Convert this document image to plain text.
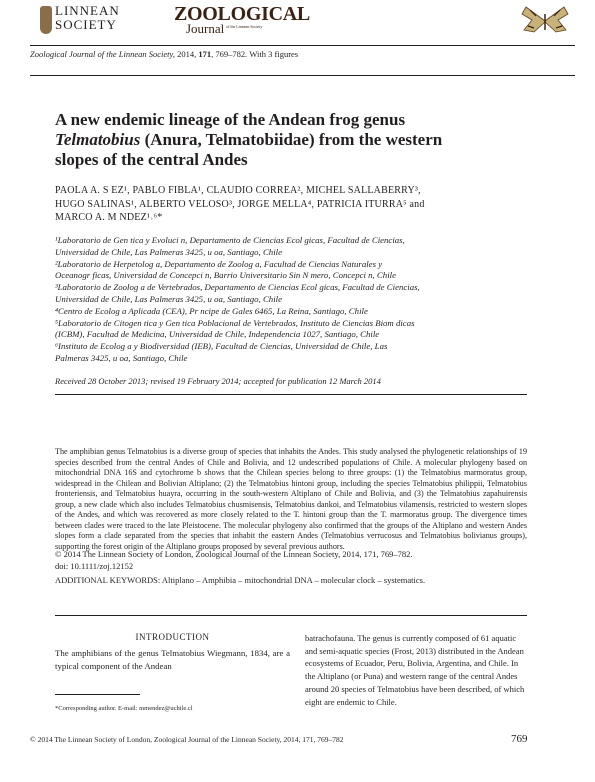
LINNEAN
SOCIETY	ZOOLOGICAL
Journal of the Linnean Society
Zoological Journal of the Linnean Society, 2014, 171, 769–782. With 3 figures
A new endemic lineage of the Andean frog genus
Telmatobius (Anura, Telmatobiidae) from the western
slopes of the central Andes
PAOLA A. S EZ¹, PABLO FIBLA¹, CLAUDIO CORREA², MICHEL SALLABERRY³,
HUGO SALINAS¹, ALBERTO VELOSO³, JORGE MELLA⁴, PATRICIA ITURRA⁵ and
MARCO A. M NDEZ¹˒⁶*
¹Laboratorio de Gen tica y Evoluci n, Departamento de Ciencias Ecol gicas, Facultad de Ciencias,
Universidad de Chile, Las Palmeras 3425, u oa, Santiago, Chile
²Laboratorio de Herpetolog a, Departamento de Zoolog a, Facultad de Ciencias Naturales y
Oceanogr ficas, Universidad de Concepci n, Barrio Universitario Sin N mero, Concepci n, Chile
³Laboratorio de Zoolog a de Vertebrados, Departamento de Ciencias Ecol gicas, Facultad de Ciencias,
Universidad de Chile, Las Palmeras 3425, u oa, Santiago, Chile
⁴Centro de Ecolog a Aplicada (CEA), Pr ncipe de Gales 6465, La Reina, Santiago, Chile
⁵Laboratorio de Citogen tica y Gen tica Poblacional de Vertebrados, Instituto de Ciencias Biom dicas
(ICBM), Facultad de Medicina, Universidad de Chile, Independencia 1027, Santiago, Chile
⁶Instituto de Ecolog a y Biodiversidad (IEB), Facultad de Ciencias, Universidad de Chile, Las
Palmeras 3425, u oa, Santiago, Chile
Received 28 October 2013; revised 19 February 2014; accepted for publication 12 March 2014
The amphibian genus Telmatobius is a diverse group of species that inhabits the Andes. This study analysed the phylogenetic relationships of 19 species described from the central Andes of Chile and Bolivia, and 12 undescribed populations of Chile. A molecular phylogeny based on mitochondrial DNA 16S and cytochrome b shows that the Chilean species belong to three groups: (1) the Telmatobius marmoratus group, widespread in the Chilean and Bolivian Altiplano; (2) the Telmatobius hintoni group, including the species Telmatobius philippii, Telmatobius fronteriensis, and Telmatobius huayra, occurring in the south-western Altiplano of Chile and Bolivia, and (3) the Telmatobius zapahuirensis group, a new clade which also includes Telmatobius chusmisensis, Telmatobius dankoi, and Telmatobius vilamensis, restricted to western slopes of the Andes, and which was recovered as more closely related to the T. hintoni group than the T. marmoratus group. The divergence times between clades were traced to the late Pleistocene. The molecular phylogeny also confirmed that the groups of the Altiplano and western Andes slopes form a clade separated from the species that inhabit the eastern Andes (Telmatobius verrucosus and Telmatobius bolivianus groups), supporting the forest origin of the Altiplano groups proposed by several previous authors.
© 2014 The Linnean Society of London, Zoological Journal of the Linnean Society, 2014, 171, 769–782.
doi: 10.1111/zoj.12152
ADDITIONAL KEYWORDS: Altiplano – Amphibia – mitochondrial DNA – molecular clock – systematics.
INTRODUCTION
The amphibians of the genus Telmatobius Wiegmann, 1834, are a typical component of the Andean
batrachofauna. The genus is currently composed of 61 aquatic and semi-aquatic species (Frost, 2013) distributed in the Andean ecosystems of Ecuador, Peru, Bolivia, Argentina, and Chile. In the Altiplano (or Puna) and western range of the central Andes around 20 species of Telmatobius have been described, of which eight are endemic to Chile.
*Corresponding author. E-mail: mmendez@uchile.cl
© 2014 The Linnean Society of London, Zoological Journal of the Linnean Society, 2014, 171, 769–782	769
